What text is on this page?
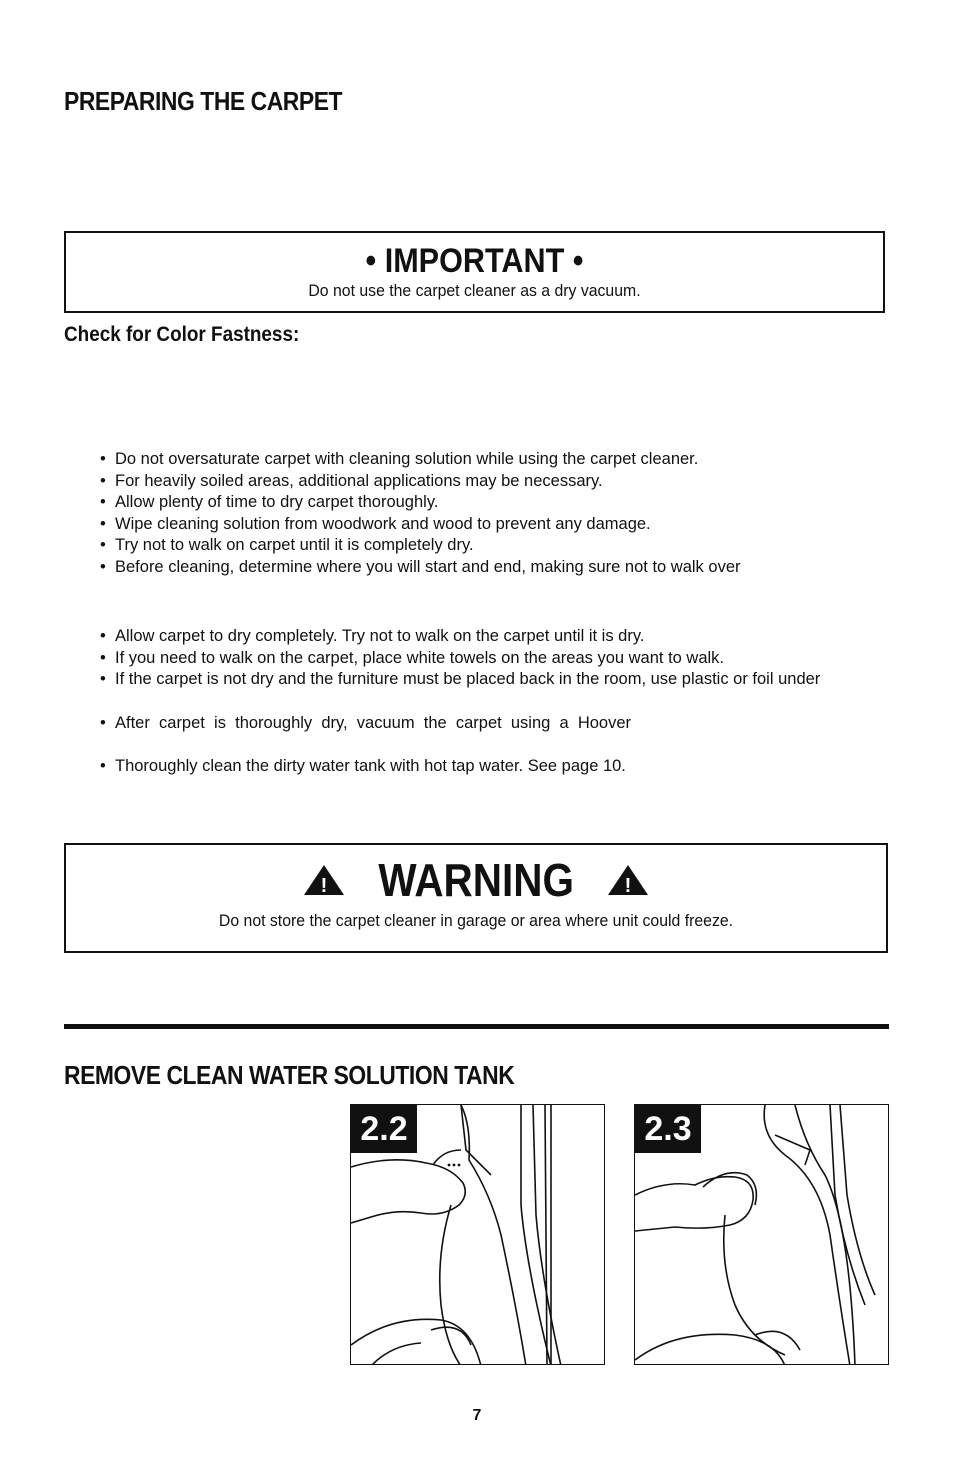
PREPARING THE CARPET
• IMPORTANT •
Do not use the carpet cleaner as a dry vacuum.
Check for Color Fastness:
• Do not oversaturate carpet with cleaning solution while using the carpet cleaner.
• For heavily soiled areas, additional applications may be necessary.
• Allow plenty of time to dry carpet thoroughly.
• Wipe cleaning solution from woodwork and wood to prevent any damage.
• Try not to walk on carpet until it is completely dry.
• Before cleaning, determine where you will start and end, making sure not to walk over
• Allow carpet to dry completely. Try not to walk on the carpet until it is dry.
• If you need to walk on the carpet, place white towels on the areas you want to walk.
• If the carpet is not dry and the furniture must be placed back in the room, use plastic or foil under
• After  carpet  is  thoroughly  dry,  vacuum  the  carpet  using  a  Hoover
• Thoroughly clean the dirty water tank with hot tap water. See page 10.
! WARNING	!
Do not store the carpet cleaner in garage or area where unit could freeze.
REMOVE CLEAN WATER SOLUTION TANK
2.2	2.3
7
